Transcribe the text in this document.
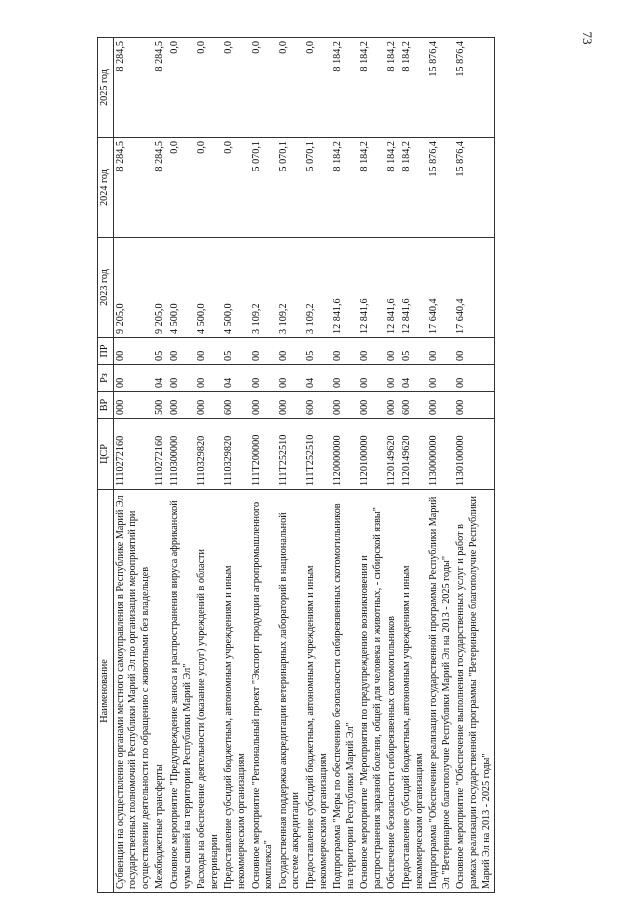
73
Наименование	ЦСР	ВР	Рз	ПР	2023 год	2024 год	2025 год
Субвенции на осуществление органами местного самоуправления в Республике Марий Эл государственных полномочий Республики Марий Эл по организации мероприятий при осуществлении деятельности по обращению с животными без владельцев	1110272160	000	00	00	9 205,0	8 284,5	8 284,5
Межбюджетные трансферты	1110272160	500	04	05	9 205,0	8 284,5	8 284,5
Основное мероприятие "Предупреждение заноса и распространения вируса африканской чумы свиней на территории Республики Марий Эл"	1110300000	000	00	00	4 500,0	0,0	0,0
Расходы на обеспечение деятельности (оказание услуг) учреждений в области ветеринарии	1110329820	000	00	00	4 500,0	0,0	0,0
Предоставление субсидий бюджетным, автономным учреждениям и иным некоммерческим организациям	1110329820	600	04	05	4 500,0	0,0	0,0
Основное мероприятие "Региональный проект "Экспорт продукции агропромышленного комплекса"	111T200000	000	00	00	3 109,2	5 070,1	0,0
Государственная поддержка аккредитации ветеринарных лабораторий в национальной системе аккредитации	111T252510	000	00	00	3 109,2	5 070,1	0,0
Предоставление субсидий бюджетным, автономным учреждениям и иным некоммерческим организациям	111T252510	600	04	05	3 109,2	5 070,1	0,0
Подпрограмма "Меры по обеспечению безопасности сибиреязвенных скотомогильников на территории Республики Марий Эл"	1120000000	000	00	00	12 841,6	8 184,2	8 184,2
Основное мероприятие "Мероприятия по предупреждению возникновения и распространения заразной болезни, общей для человека и животных, - сибирской язвы"	1120100000	000	00	00	12 841,6	8 184,2	8 184,2
Обеспечение безопасности сибиреязвенных скотомогильников	1120149620	000	00	00	12 841,6	8 184,2	8 184,2
Предоставление субсидий бюджетным, автономным учреждениям и иным некоммерческим организациям	1120149620	600	04	05	12 841,6	8 184,2	8 184,2
Подпрограмма "Обеспечение реализации государственной программы Республики Марий Эл "Ветеринарное благополучие Республики Марий Эл на 2013 - 2025 годы"	1130000000	000	00	00	17 640,4	15 876,4	15 876,4
Основное мероприятие "Обеспечение выполнения государственных услуг и работ в рамках реализации государственной программы "Ветеринарное благополучие Республики Марий Эл на 2013 - 2025 годы"	1130100000	000	00	00	17 640,4	15 876,4	15 876,4
